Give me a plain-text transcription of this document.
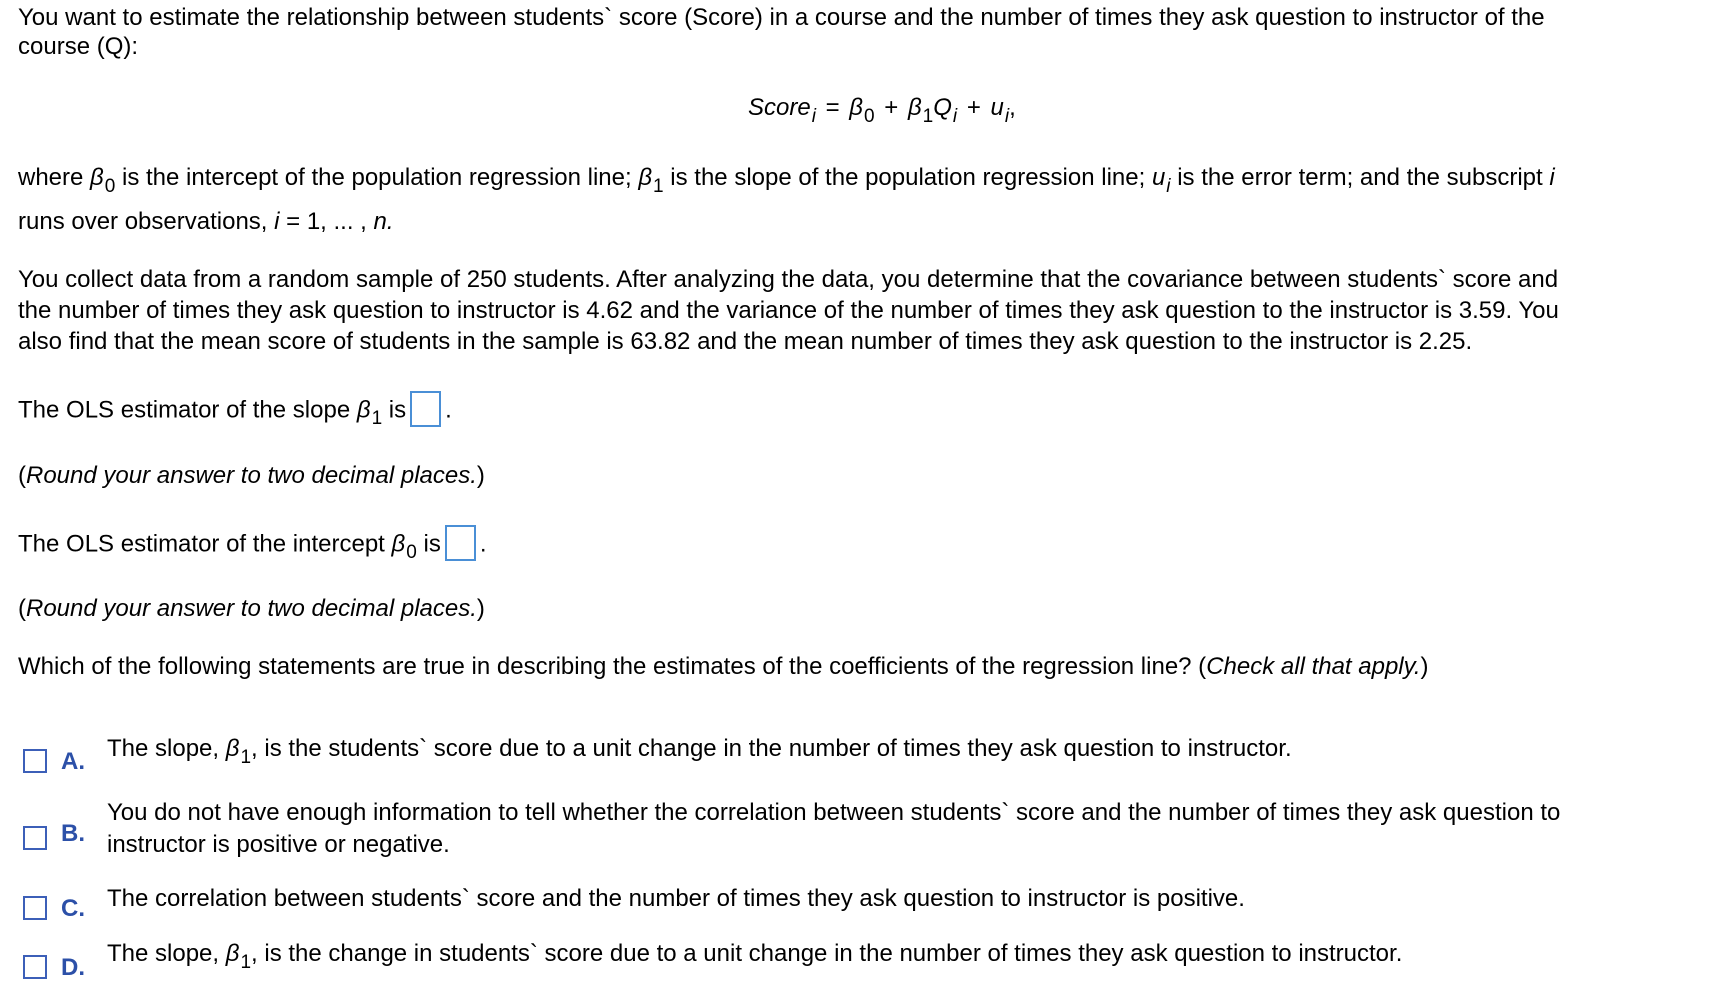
You want to estimate the relationship between students` score (Score) in a course and the number of times they ask question to instructor of the
course (Q):
Score$_i$ = $\beta_0 + \beta_1Q_i + u_i$,
where $\beta_0$ is the intercept of the population regression line; $\beta_1$ is the slope of the population regression line; $u_i$ is the error term; and the subscript i
runs over observations, i = 1, ... , n.
You collect data from a random sample of 250 students. After analyzing the data, you determine that the covariance between students` score and
the number of times they ask question to instructor is 4.62 and the variance of the number of times they ask question to the instructor is 3.59. You
also find that the mean score of students in the sample is 63.82 and the mean number of times they ask question to the instructor is 2.25.
The OLS estimator of the slope $\beta_1$ is .
(Round your answer to two decimal places.)
The OLS estimator of the intercept $\beta_0$ is .
(Round your answer to two decimal places.)
Which of the following statements are true in describing the estimates of the coefficients of the regression line? (Check all that apply.)
A. The slope, $\beta_1$, is the students` score due to a unit change in the number of times they ask question to instructor.
B.
You do not have enough information to tell whether the correlation between students` score and the number of times they ask question to
instructor is positive or negative.
C. The correlation between students` score and the number of times they ask question to instructor is positive.
D.
The slope, $\beta_1$, is the change in students` score due to a unit change in the number of times they ask question to instructor.
